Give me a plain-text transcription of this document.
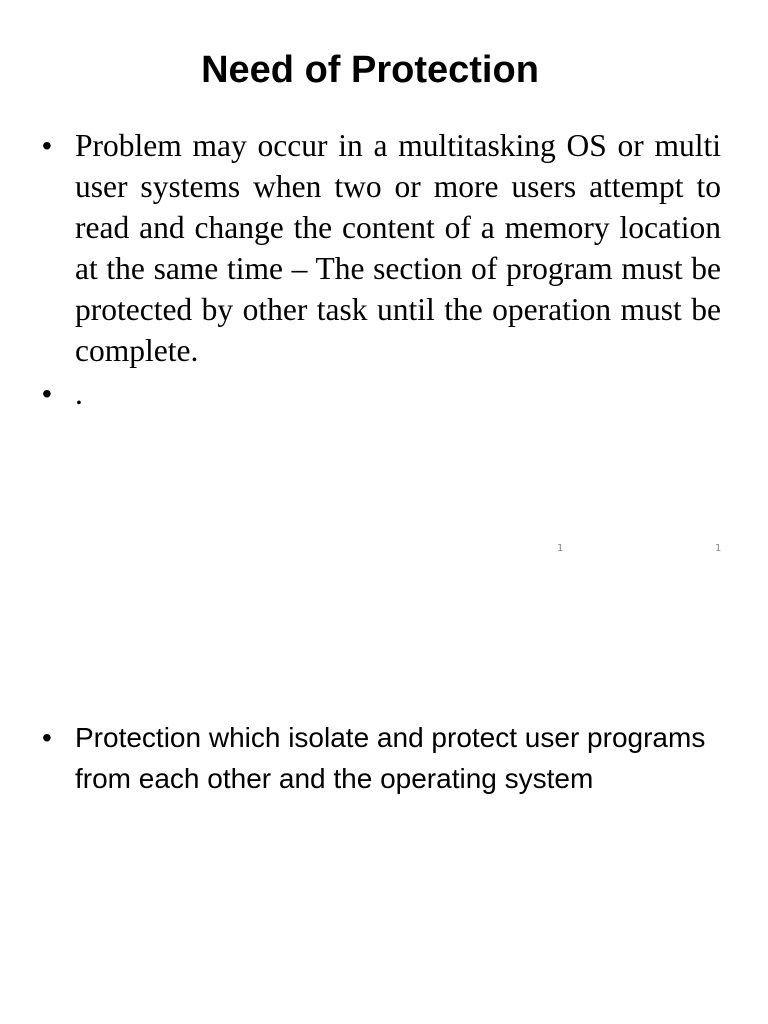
Need of Protection
• Problem may occur in a multitasking OS or multi user systems when two or more users attempt to read and change the content of a memory location at the same time – The section of program must be protected by other task until the operation must be complete.
• .
• Protection which isolate and protect user programs from each other and the operating system
1	1
